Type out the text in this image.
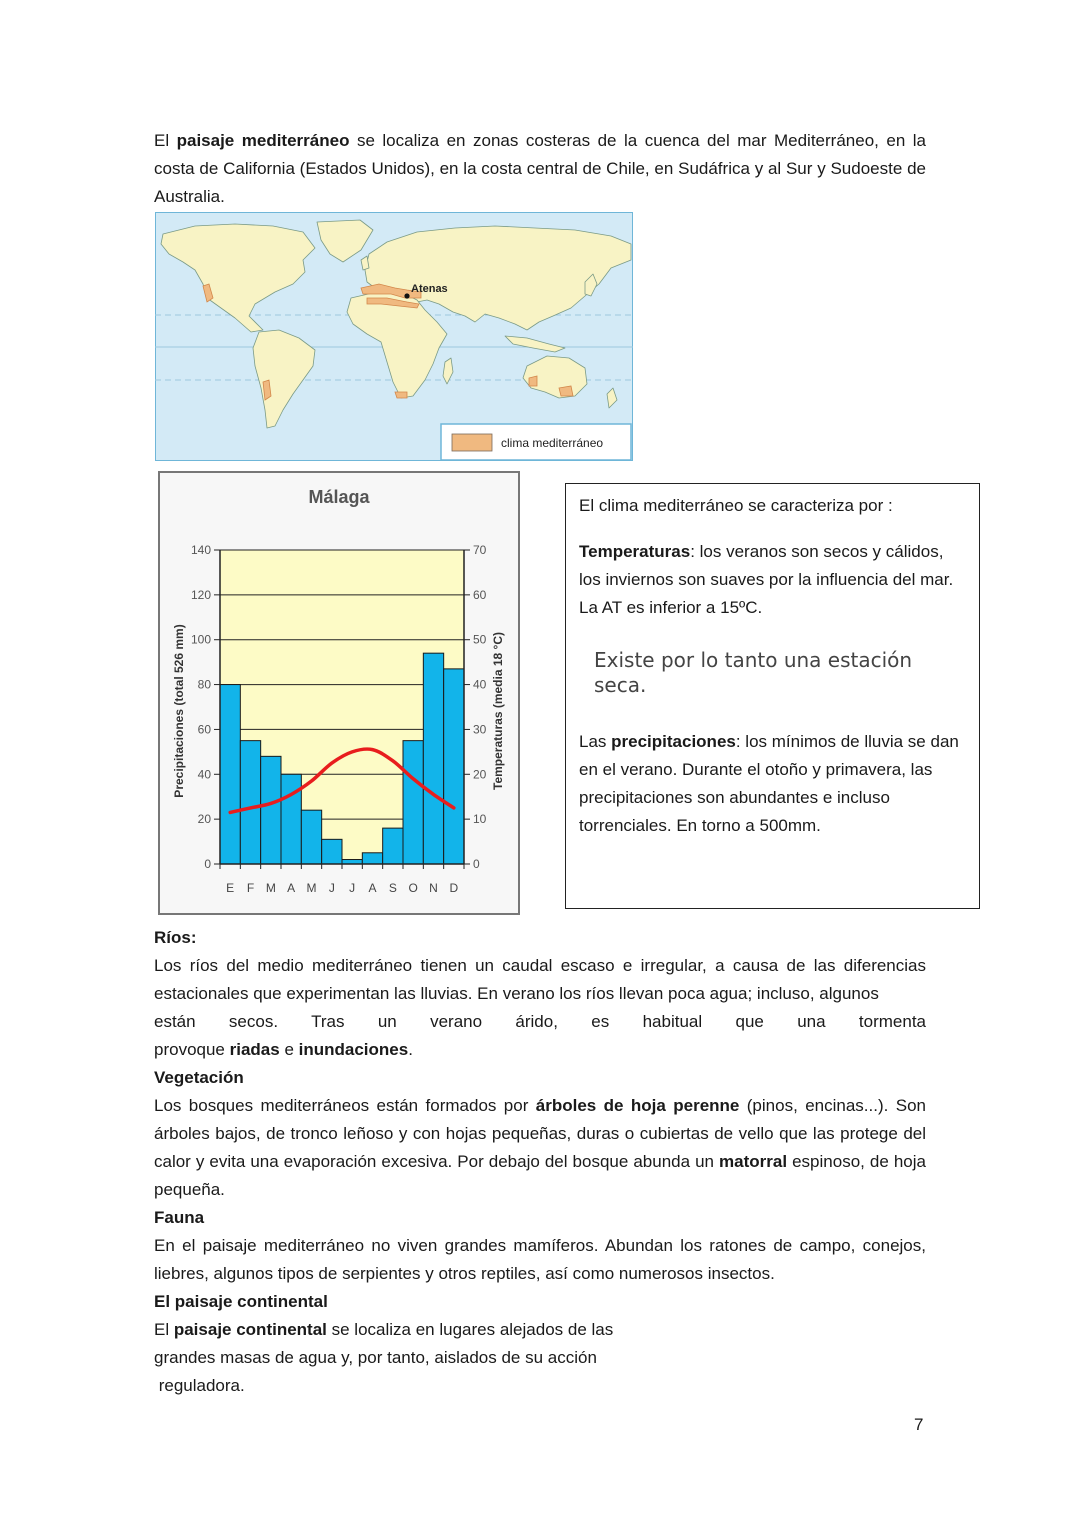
El paisaje mediterráneo se localiza en zonas costeras de la cuenca del mar Mediterráneo, en la costa de California (Estados Unidos), en la costa central de Chile, en Sudáfrica y al Sur y Sudoeste de Australia.
Atenas
clima mediterráneo
Málaga
0
20
40
60
80
100
120
140
0
10
20
30
40
50
60
70
E F M A M J J A S O N D
Precipitaciones (total 526 mm)	Temperaturas (media 18 °C)
El clima mediterráneo se caracteriza por :
Temperaturas: los veranos son secos y cálidos, los inviernos son suaves por la influencia del mar. La AT es inferior a 15ºC.
Existe por lo tanto una estación
seca.
Las precipitaciones: los mínimos de lluvia se dan en el verano. Durante el otoño y primavera, las precipitaciones son abundantes e incluso torrenciales. En torno a 500mm.
Ríos:
Los ríos del medio mediterráneo tienen un caudal escaso e irregular, a causa de las diferencias estacionales que experimentan las lluvias. En verano los ríos llevan poca agua; incluso, algunos
están secos. Tras un verano árido, es habitual que una tormenta
provoque riadas e inundaciones.
Vegetación
Los bosques mediterráneos están formados por árboles de hoja perenne (pinos, encinas...). Son árboles bajos, de tronco leñoso y con hojas pequeñas, duras o cubiertas de vello que las protege del calor y evita una evaporación excesiva. Por debajo del bosque abunda un matorral espinoso, de hoja pequeña.
Fauna
En el paisaje mediterráneo no viven grandes mamíferos. Abundan los ratones de campo, conejos, liebres, algunos tipos de serpientes y otros reptiles, así como numerosos insectos.
El paisaje continental
El paisaje continental se localiza en lugares alejados de las
grandes masas de agua y, por tanto, aislados de su acción
reguladora.
7
